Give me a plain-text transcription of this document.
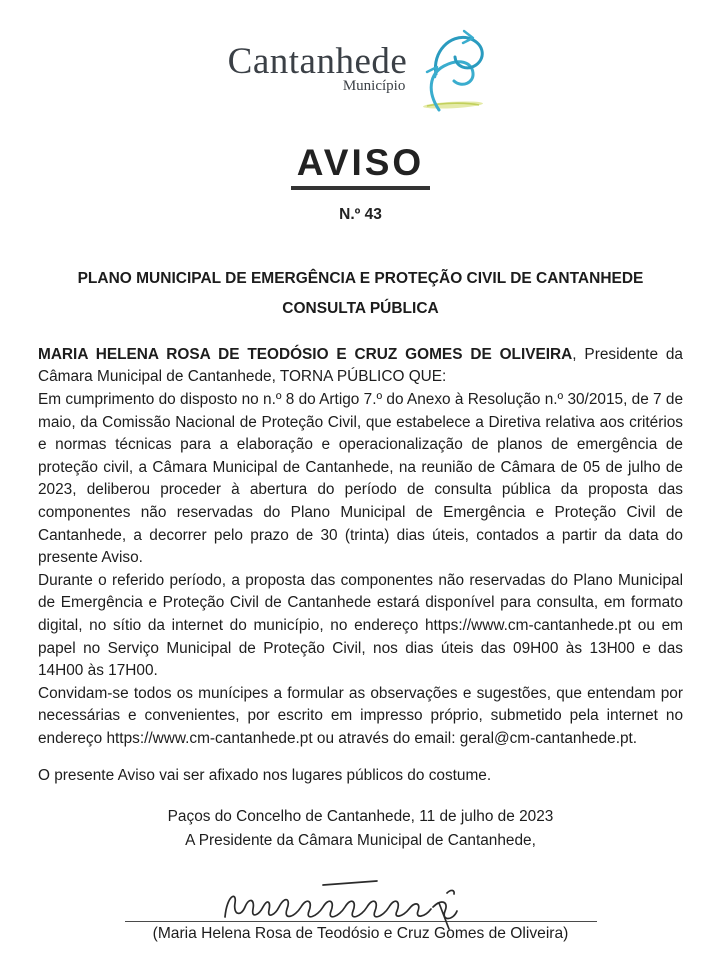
Cantanhede
Município
AVISO
N.º 43
PLANO MUNICIPAL DE EMERGÊNCIA E PROTEÇÃO CIVIL DE CANTANHEDE
CONSULTA PÚBLICA

MARIA HELENA ROSA DE TEODÓSIO E CRUZ GOMES DE OLIVEIRA, Presidente da Câmara Municipal de Cantanhede, TORNA PÚBLICO QUE:

Em cumprimento do disposto no n.º 8 do Artigo 7.º do Anexo à Resolução n.º 30/2015, de 7 de maio, da Comissão Nacional de Proteção Civil, que estabelece a Diretiva relativa aos critérios e normas técnicas para a elaboração e operacionalização de planos de emergência de proteção civil, a Câmara Municipal de Cantanhede, na reunião de Câmara de 05 de julho de 2023, deliberou proceder à abertura do período de consulta pública da proposta das componentes não reservadas do Plano Municipal de Emergência e Proteção Civil de Cantanhede, a decorrer pelo prazo de 30 (trinta) dias úteis, contados a partir da data do presente Aviso.

Durante o referido período, a proposta das componentes não reservadas do Plano Municipal de Emergência e Proteção Civil de Cantanhede estará disponível para consulta, em formato digital, no sítio da internet do município, no endereço https://www.cm-cantanhede.pt ou em papel no Serviço Municipal de Proteção Civil, nos dias úteis das 09H00 às 13H00 e das 14H00 às 17H00.

Convidam-se todos os munícipes a formular as observações e sugestões, que entendam por necessárias e convenientes, por escrito em impresso próprio, submetido pela internet no endereço https://www.cm-cantanhede.pt ou através do email: geral@cm-cantanhede.pt.

O presente Aviso vai ser afixado nos lugares públicos do costume.

Paços do Concelho de Cantanhede, 11 de julho de 2023
A Presidente da Câmara Municipal de Cantanhede,
(Maria Helena Rosa de Teodósio e Cruz Gomes de Oliveira)
